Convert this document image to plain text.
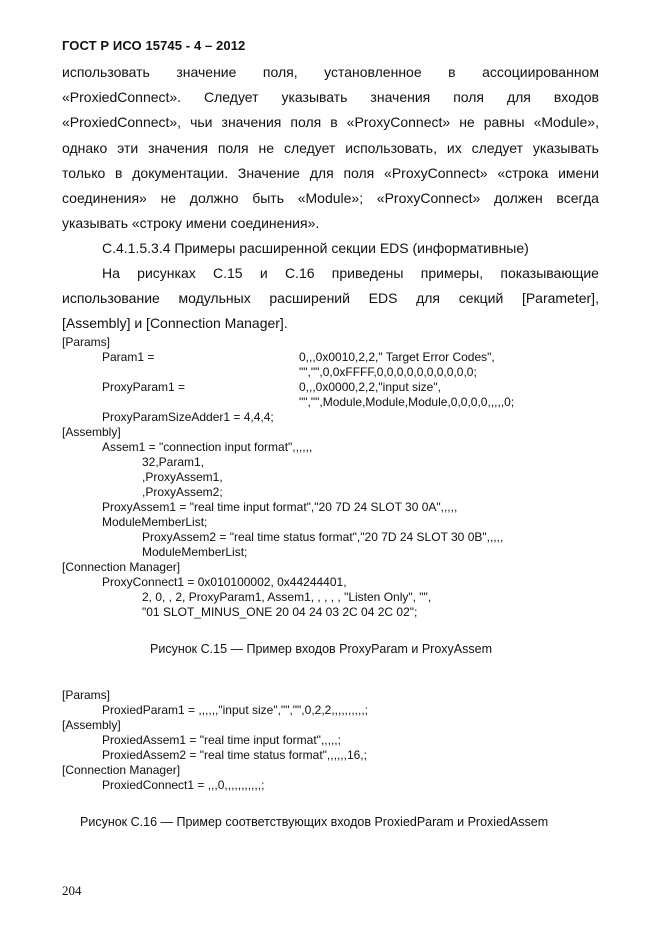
ГОСТ Р ИСО 15745 - 4 – 2012
использовать значение поля, установленное в ассоциированном
«ProxiedConnect». Следует указывать значения поля для входов
«ProxiedConnect», чьи значения поля в «ProxyConnect» не равны «Module»,
однако эти значения поля не следует использовать, их следует указывать
только в документации. Значение для поля «ProxyConnect» «строка имени
соединения» не должно быть «Module»; «ProxyConnect» должен всегда
указывать «строку имени соединения».
C.4.1.5.3.4 Примеры расширенной секции EDS (информативные)
На рисунках С.15 и С.16 приведены примеры, показывающие
использование модульных расширений EDS для секций [Parameter],
[Assembly] и [Connection Manager].
[Params]
Param1 =	0,,,0x0010,2,2," Target Error Codes",
"","",0,0xFFFF,0,0,0,0,0,0,0,0,0,0;
ProxyParam1 =	0,,,0x0000,2,2,"input size",
"","",Module,Module,Module,0,0,0,0,,,,,0;
ProxyParamSizeAdder1 = 4,4,4;
[Assembly]
Assem1 = "connection input format",,,,,,
32,Param1,
,ProxyAssem1,
,ProxyAssem2;
ProxyAssem1 = "real time input format","20 7D 24 SLOT 30 0A",,,,,
ModuleMemberList;
ProxyAssem2 = "real time status format","20 7D 24 SLOT 30 0B",,,,,
ModuleMemberList;
[Connection Manager]
ProxyConnect1 = 0x010100002, 0x44244401,
2, 0, , 2, ProxyParam1, Assem1, , , , , "Listen Only", "",
"01 SLOT_MINUS_ONE 20 04 24 03 2C 04 2C 02";
Рисунок С.15 — Пример входов ProxyParam и ProxyAssem
[Params]
ProxiedParam1 = ,,,,,,"input size","","",0,2,2,,,,,,,,,,;
[Assembly]
ProxiedAssem1 = "real time input format",,,,,;
ProxiedAssem2 = "real time status format",,,,,,16,;
[Connection Manager]
ProxiedConnect1 = ,,,0,,,,,,,,,,,;
Рисунок С.16 — Пример соответствующих входов ProxiedParam и ProxiedAssem
204
